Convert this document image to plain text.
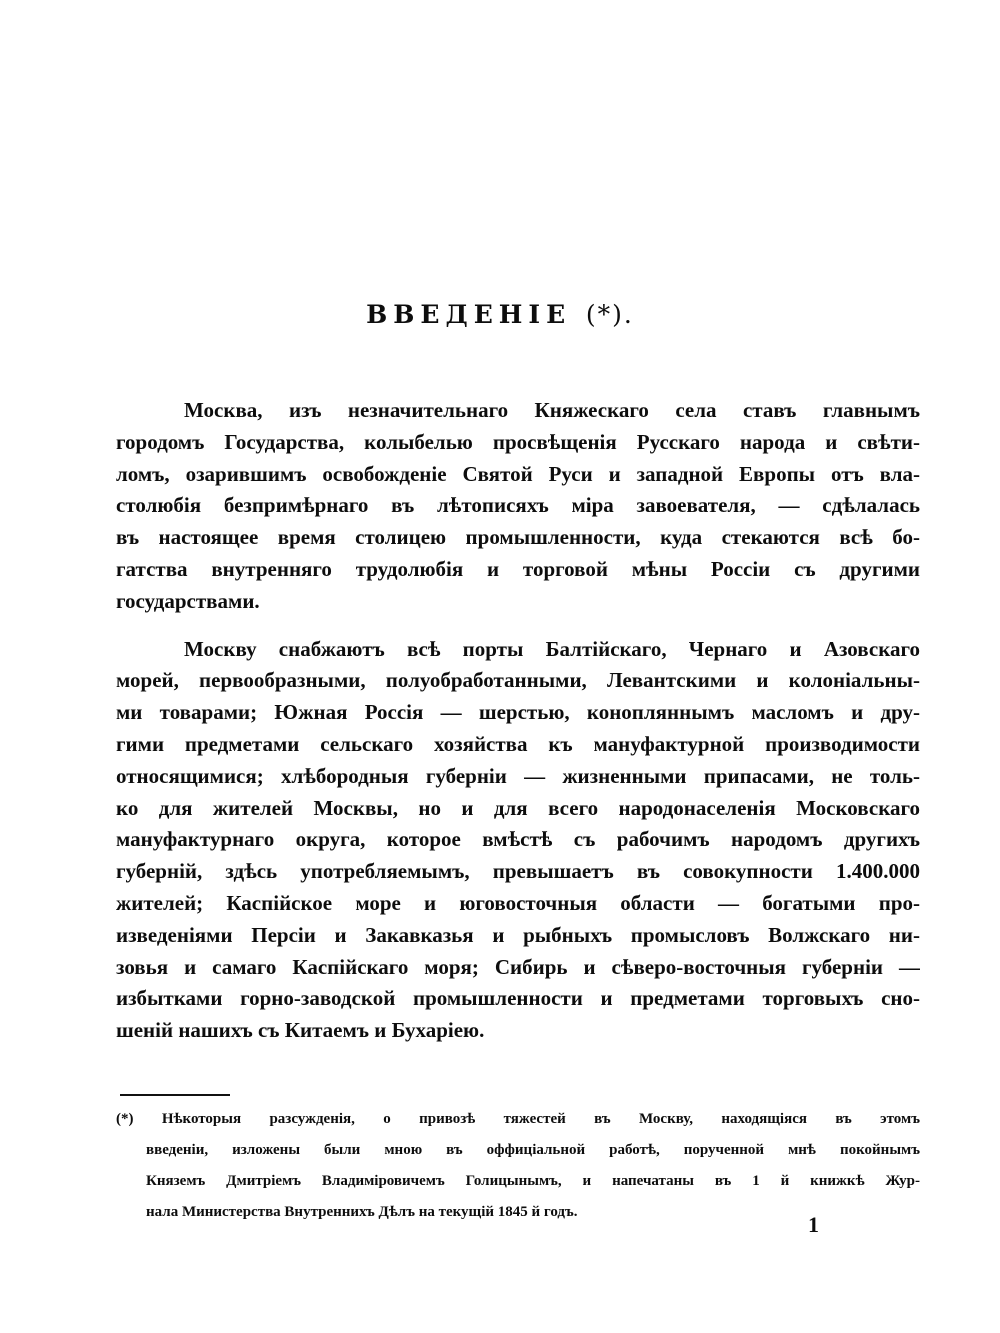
ВВЕДЕНIЕ (*).
Москва, изъ незначительнаго Княжескаго села ставъ главнымъ
городомъ Государства, колыбелью просвѣщенія Русскаго народа и свѣти-
ломъ, озарившимъ освобожденіе Святой Руси и западной Европы отъ вла-
столюбія безпримѣрнаго въ лѣтописяхъ міра завоевателя, — сдѣлалась
въ настоящее время столицею промышленности, куда стекаются всѣ бо-
гатства внутренняго трудолюбія и торговой мѣны Россіи съ другими
государствами.
Москву снабжаютъ всѣ порты Балтійскаго, Чернаго и Азовскаго
морей, первообразными, полуобработанными, Левантскими и колоніальны-
ми товарами; Южная Россія — шерстью, конопляннымъ масломъ и дру-
гими предметами сельскаго хозяйства къ мануфактурной производимости
относящимися; хлѣбородныя губерніи — жизненными припасами, не толь-
ко для жителей Москвы, но и для всего народонаселенія Московскаго
мануфактурнаго округа, которое вмѣстѣ съ рабочимъ народомъ другихъ
губерній, здѣсь употребляемымъ, превышаетъ въ совокупности 1.400.000
жителей; Каспійское море и юговосточныя области — богатыми про-
изведеніями Персіи и Закавказья и рыбныхъ промысловъ Волжскаго ни-
зовья и самаго Каспійскаго моря; Сибирь и сѣверо-восточныя губерніи —
избытками горно-заводской промышленности и предметами торговыхъ сно-
шеній нашихъ съ Китаемъ и Бухаріею.
(*) Нѣкоторыя разсужденія, о привозѣ тяжестей въ Москву, находящіяся въ этомъ
введеніи, изложены были мною въ оффиціальной работѣ, порученной мнѣ покойнымъ
Княземъ Дмитріемъ Владиміровичемъ Голицынымъ, и напечатаны въ 1 й книжкѣ Жур-
нала Министерства Внутреннихъ Дѣлъ на текущій 1845 й годъ.	1
